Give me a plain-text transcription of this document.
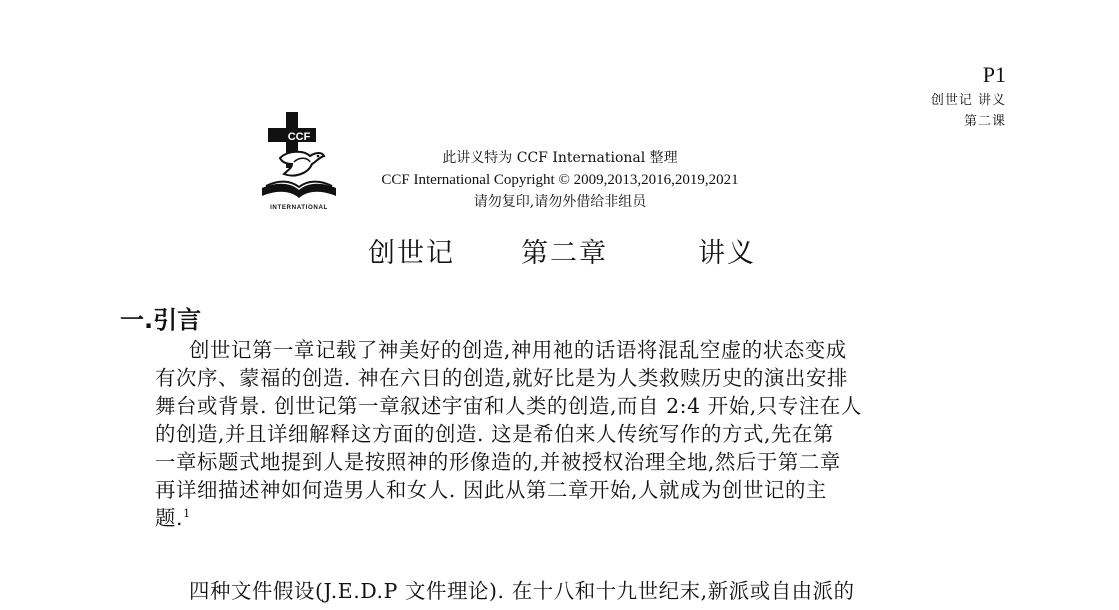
P1
创世记 讲义
第二课
CCF
INTERNATIONAL
此讲义特为 CCF International 整理
CCF International Copyright © 2009,2013,2016,2019,2021
请勿复印,请勿外借给非组员
创世记 第二章	讲义
一.引言
创世记第一章记载了神美好的创造,神用祂的话语将混乱空虚的状态变成
有次序、蒙福的创造. 神在六日的创造,就好比是为人类救赎历史的演出安排
舞台或背景. 创世记第一章叙述宇宙和人类的创造,而自 2:4 开始,只专注在人
的创造,并且详细解释这方面的创造. 这是希伯来人传统写作的方式,先在第
一章标题式地提到人是按照神的形像造的,并被授权治理全地,然后于第二章
再详细描述神如何造男人和女人. 因此从第二章开始,人就成为创世记的主
题.$^1$
四种文件假设(J.E.D.P 文件理论). 在十八和十九世纪末,新派或自由派的
